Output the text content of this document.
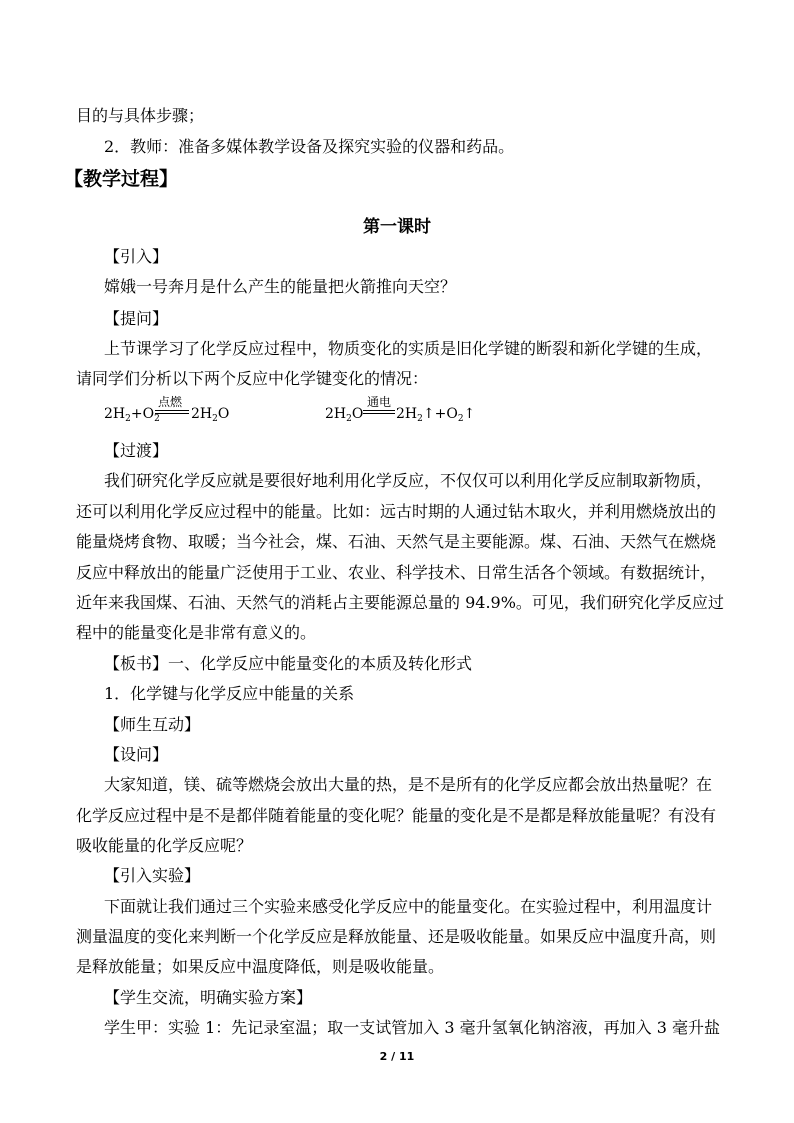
目的与具体步骤；
2．教师：准备多媒体教学设备及探究实验的仪器和药品。
【教学过程】
第一课时
【引入】
嫦娥一号奔月是什么产生的能量把火箭推向天空？
【提问】
上节课学习了化学反应过程中，物质变化的实质是旧化学键的断裂和新化学键的生成，
请同学们分析以下两个反应中化学键变化的情况：
$2H_2+O_2$
点燃
$2H_2O$	$2H_2O$
通电
$2H_2↑+O_2↑$
【过渡】
我们研究化学反应就是要很好地利用化学反应，不仅仅可以利用化学反应制取新物质，
还可以利用化学反应过程中的能量。比如：远古时期的人通过钻木取火，并利用燃烧放出的
能量烧烤食物、取暖；当今社会，煤、石油、天然气是主要能源。煤、石油、天然气在燃烧
反应中释放出的能量广泛使用于工业、农业、科学技术、日常生活各个领域。有数据统计，
近年来我国煤、石油、天然气的消耗占主要能源总量的 94.9%。可见，我们研究化学反应过
程中的能量变化是非常有意义的。
【板书】一、化学反应中能量变化的本质及转化形式
1．化学键与化学反应中能量的关系
【师生互动】
【设问】
大家知道，镁、硫等燃烧会放出大量的热，是不是所有的化学反应都会放出热量呢？在
化学反应过程中是不是都伴随着能量的变化呢？能量的变化是不是都是释放能量呢？有没有
吸收能量的化学反应呢？
【引入实验】
下面就让我们通过三个实验来感受化学反应中的能量变化。在实验过程中，利用温度计
测量温度的变化来判断一个化学反应是释放能量、还是吸收能量。如果反应中温度升高，则
是释放能量；如果反应中温度降低，则是吸收能量。
【学生交流，明确实验方案】
学生甲：实验 1：先记录室温；取一支试管加入 3 毫升氢氧化钠溶液，再加入 3 毫升盐
2 / 11
